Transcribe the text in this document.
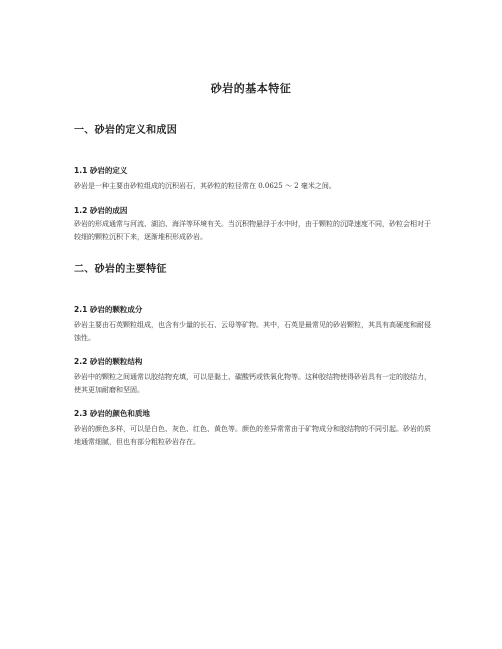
砂岩的基本特征
一、砂岩的定义和成因
1.1 砂岩的定义
砂岩是一种主要由砂粒组成的沉积岩石，其砂粒的粒径常在 0.0625 ～ 2 毫米之间。
1.2 砂岩的成因
砂岩的形成通常与河流、湖泊、海洋等环境有关。当沉积物悬浮于水中时，由于颗粒的沉降速度不同，砂粒会相对于较细的颗粒沉积下来，逐渐堆积形成砂岩。
二、砂岩的主要特征
2.1 砂岩的颗粒成分
砂岩主要由石英颗粒组成，也含有少量的长石、云母等矿物。其中，石英是最常见的砂岩颗粒，其具有高硬度和耐侵蚀性。
2.2 砂岩的颗粒结构
砂岩中的颗粒之间通常以胶结物充填，可以是黏土、碳酸钙或铁氧化物等。这种胶结物使得砂岩具有一定的胶结力，使其更加耐磨和坚固。
2.3 砂岩的颜色和质地
砂岩的颜色多样，可以是白色、灰色、红色、黄色等。颜色的差异常常由于矿物成分和胶结物的不同引起。砂岩的质地通常细腻，但也有部分粗粒砂岩存在。
